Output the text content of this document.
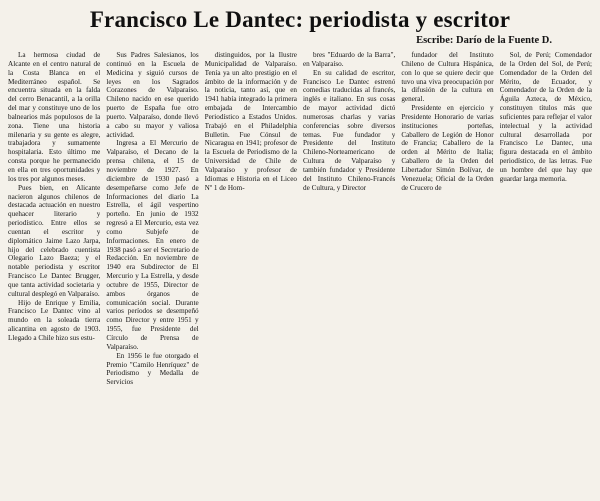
Francisco Le Dantec: periodista y escritor
Escribe: Darío de la Fuente D.

La hermosa ciudad de Alcante en el centro natural de la Costa Blanca en el Mediterráneo español. Se encuentra situada en la falda del cerro Benacantil, a la orilla del mar y constituye uno de los balnearios más populosos de la zona. Tiene una historia milenaria y su gente es alegre, trabajadora y sumamente hospitalaria. Esto último me consta porque he permanecido en ella en tres oportunidades y los tres por algunos meses.

Pues bien, en Alicante nacieron algunos chilenos de destacada actuación en nuestro quehacer literario y periodístico. Entre ellos se cuentan el escritor y diplomático Jaime Lazo Jarpa, hijo del celebrado cuentista Olegario Lazo Baeza; y el notable periodista y escritor Francisco Le Dantec Brugger, que tanta actividad societaria y cultural desplegó en Valparaíso.

Hijo de Enrique y Emilia, Francisco Le Dantec vino al mundo en la soleada tierra alicantina en agosto de 1903. Llegado a Chile hizo sus estu-

Sus Padres Salesianos, los continuó en la Escuela de Medicina y siguió cursos de leyes en los Sagrados Corazones de Valparaíso. Chileno nacido en ese querido puerto de España fue otro puerto. Valparaíso, donde llevó a cabo su mayor y valiosa actividad.

Ingresa a El Mercurio de Valparaíso, el Decano de la prensa chilena, el 15 de noviembre de 1927. En diciembre de 1930 pasó a desempeñarse como Jefe de Informaciones del diario La Estrella, el ágil vespertino porteño. En junio de 1932 regresó a El Mercurio, esta vez como Subjefe de Informaciones. En enero de 1938 pasó a ser el Secretario de Redacción. En noviembre de 1940 era Subdirector de El Mercurio y La Estrella, y desde octubre de 1955, Director de ambos órganos de comunicación social. Durante varios períodos se desempeñó como Director y entre 1951 y 1955, fue Presidente del Círculo de Prensa de Valparaíso.

En 1956 le fue otorgado el Premio "Camilo Henríquez" de Periodismo y Medalla de Servicios

distinguidos, por la Ilustre Municipalidad de Valparaíso. Tenía ya un alto prestigio en el ámbito de la información y de la noticia, tanto así, que en 1941 había integrado la primera embajada de Intercambio Periodístico a Estados Unidos. Trabajó en el Philadelphia Bulletin. Fue Cónsul de Nicaragua en 1941; profesor de la Escuela de Periodismo de la Universidad de Chile de Valparaíso y profesor de Idiomas e Historia en el Liceo Nº 1 de Hom-

bres "Eduardo de la Barra", en Valparaíso.

En su calidad de escritor, Francisco Le Dantec estrenó comedias traducidas al francés, inglés e italiano. En sus cosas de mayor actividad dictó numerosas charlas y varias conferencias sobre diversos temas. Fue fundador y Presidente del Instituto Chileno-Norteamericano de Cultura de Valparaíso y también fundador y Presidente del Instituto Chileno-Francés de Cultura, y Director

fundador del Instituto Chileno de Cultura Hispánica, con lo que se quiere decir que tuvo una viva preocupación por la difusión de la cultura en general.

Presidente en ejercicio y Presidente Honorario de varias instituciones porteñas, Caballero de Legión de Honor de Francia; Caballero de la orden al Mérito de Italia; Caballero de la Orden del Libertador Simón Bolívar, de Venezuela; Oficial de la Orden de Crucero de

Sol, de Perú; Comendador de la Orden del Sol, de Perú; Comendador de la Orden del Mérito, de Ecuador, y Comendador de la Orden de la Águila Azteca, de México, constituyen títulos más que suficientes para reflejar el valor intelectual y la actividad cultural desarrollada por Francisco Le Dantec, una figura destacada en el ámbito periodístico, de las letras. Fue un hombre del que hay que guardar larga memoria.
